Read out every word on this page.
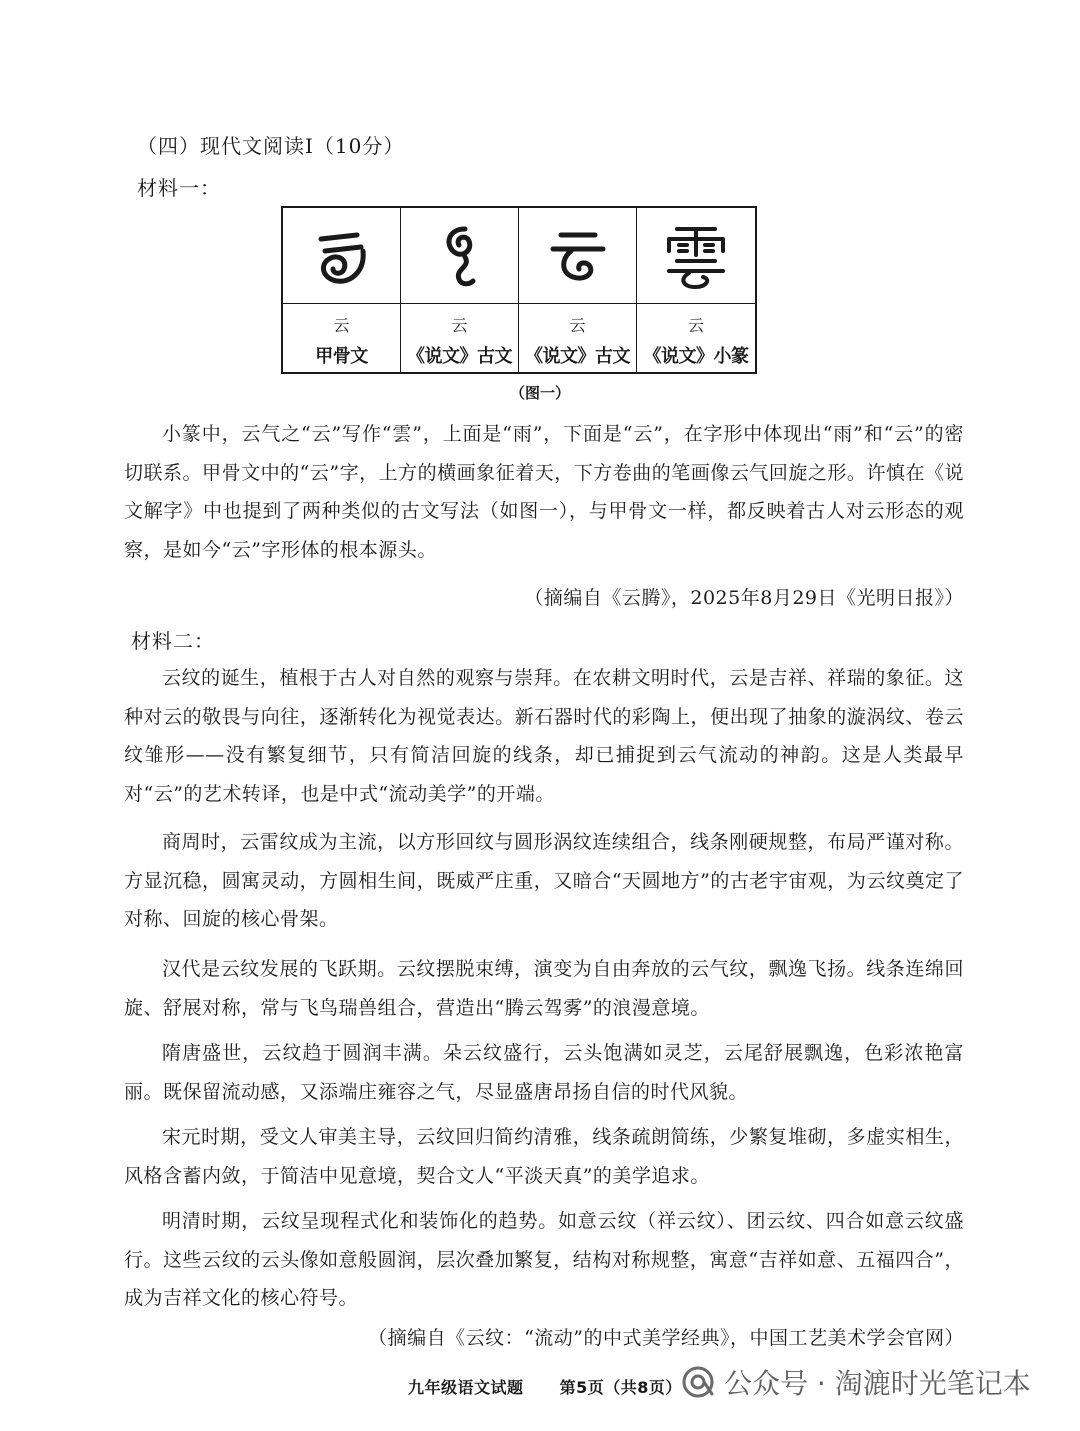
（四）现代文阅读Ⅰ（10分）
材料一：
云
甲骨文
云
《说文》古文
云
《说文》古文
云
《说文》小篆
（图一）

小篆中，云气之“云”写作“雲”，上面是“雨”，下面是“云”，在字形中体现出“雨”和“云”的密切联系。甲骨文中的“云”字，上方的横画象征着天，下方卷曲的笔画像云气回旋之形。许慎在《说文解字》中也提到了两种类似的古文写法（如图一），与甲骨文一样，都反映着古人对云形态的观察，是如今“云”字形体的根本源头。

（摘编自《云腾》，2025年8月29日《光明日报》）
材料二：

云纹的诞生，植根于古人对自然的观察与崇拜。在农耕文明时代，云是吉祥、祥瑞的象征。这种对云的敬畏与向往，逐渐转化为视觉表达。新石器时代的彩陶上，便出现了抽象的漩涡纹、卷云纹雏形——没有繁复细节，只有简洁回旋的线条，却已捕捉到云气流动的神韵。这是人类最早对“云”的艺术转译，也是中式“流动美学”的开端。

商周时，云雷纹成为主流，以方形回纹与圆形涡纹连续组合，线条刚硬规整，布局严谨对称。方显沉稳，圆寓灵动，方圆相生间，既威严庄重，又暗合“天圆地方”的古老宇宙观，为云纹奠定了对称、回旋的核心骨架。

汉代是云纹发展的飞跃期。云纹摆脱束缚，演变为自由奔放的云气纹，飘逸飞扬。线条连绵回旋、舒展对称，常与飞鸟瑞兽组合，营造出“腾云驾雾”的浪漫意境。

隋唐盛世，云纹趋于圆润丰满。朵云纹盛行，云头饱满如灵芝，云尾舒展飘逸，色彩浓艳富丽。既保留流动感，又添端庄雍容之气，尽显盛唐昂扬自信的时代风貌。

宋元时期，受文人审美主导，云纹回归简约清雅，线条疏朗简练，少繁复堆砌，多虚实相生，风格含蓄内敛，于简洁中见意境，契合文人“平淡天真”的美学追求。

明清时期，云纹呈现程式化和装饰化的趋势。如意云纹（祥云纹）、团云纹、四合如意云纹盛行。这些云纹的云头像如意般圆润，层次叠加繁复，结构对称规整，寓意“吉祥如意、五福四合”，成为吉祥文化的核心符号。

（摘编自《云纹：“流动”的中式美学经典》，中国工艺美术学会官网）
九年级语文试题 第5页（共8页）	公众号 · 淘漉时光笔记本
